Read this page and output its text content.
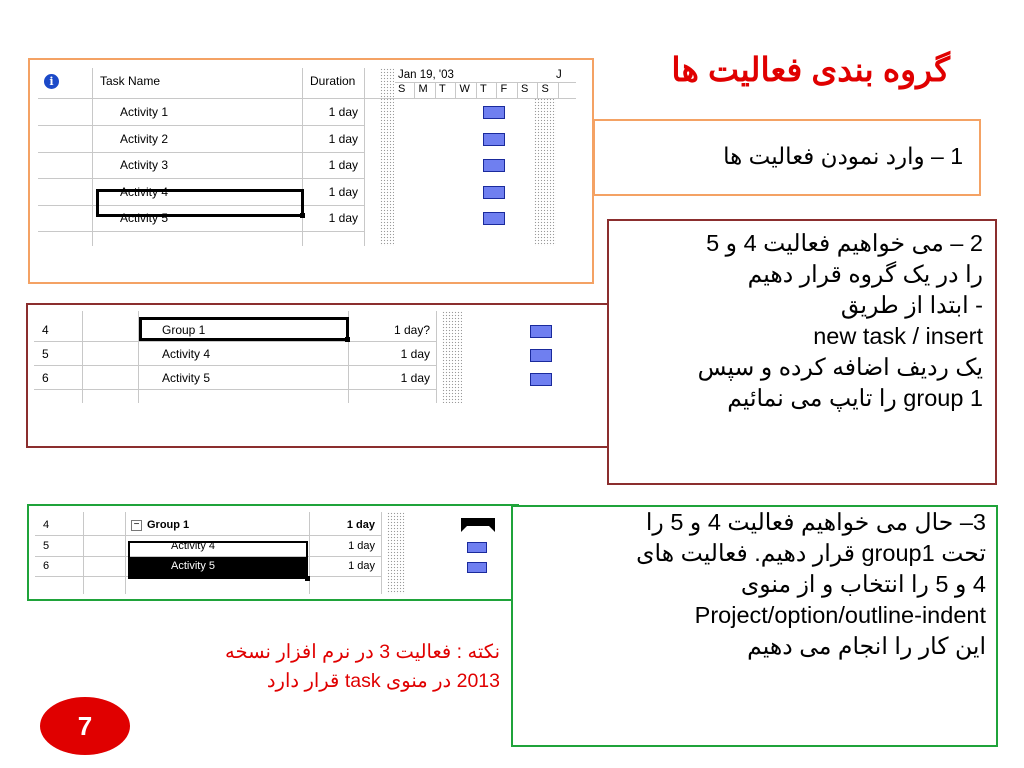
گروه بندی فعالیت ها
i	Task Name	Duration	Jan 19, '03	J
S M T W T F S S
Activity 1	1 day
Activity 2	1 day
Activity 3	1 day
Activity 4	1 day
Activity 5	1 day
4	Group 1	1 day?
5	Activity 4	1 day
6	Activity 5	1 day
4	− Group 1	1 day
5	Activity 4	1 day
6	Activity 5	1 day
1 – وارد نمودن فعالیت ها
2 – می خواهیم فعالیت 4 و 5
را در یک گروه قرار دهیم
- ابتدا از طریق
new task / insert
یک ردیف اضافه کرده و سپس
group 1 را تایپ می نمائیم
3– حال می خواهیم فعالیت 4 و 5 را
تحت group1 قرار دهیم. فعالیت های
4 و 5 را انتخاب و از منوی
Project/option/outline-indent
این کار را انجام می دهیم
نکته : فعالیت 3 در نرم افزار نسخه
2013 در منوی task قرار دارد
7
